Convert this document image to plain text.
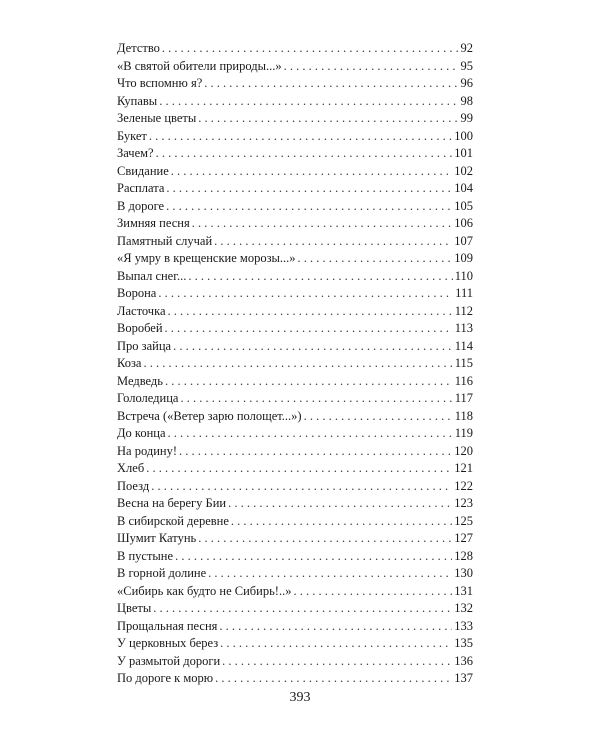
Детство . . .	92
«В святой обители природы...» . . .	95
Что вспомню я? . . .	96
Купавы . . .	98
Зеленые цветы . . .	99
Букет . . .	100
Зачем? . . .	101
Свидание . . .	102
Расплата . . .	104
В дороге . . .	105
Зимняя песня . . .	106
Памятный случай . . .	107
«Я умру в крещенские морозы...» . . .	109
Выпал снег... . . .	110
Ворона . . .	111
Ласточка . . .	112
Воробей . . .	113
Про зайца . . .	114
Коза . . .	115
Медведь . . .	116
Гололедица . . .	117
Встреча («Ветер зарю полощет...») . . .	118
До конца . . .	119
На родину! . . .	120
Хлеб . . .	121
Поезд . . .	122
Весна на берегу Бии . . .	123
В сибирской деревне . . .	125
Шумит Катунь . . .	127
В пустыне . . .	128
В горной долине . . .	130
«Сибирь как будто не Сибирь!..» . . .	131
Цветы . . .	132
Прощальная песня . . .	133
У церковных берез . . .	135
У размытой дороги . . .	136
По дороге к морю . . .	137
393
